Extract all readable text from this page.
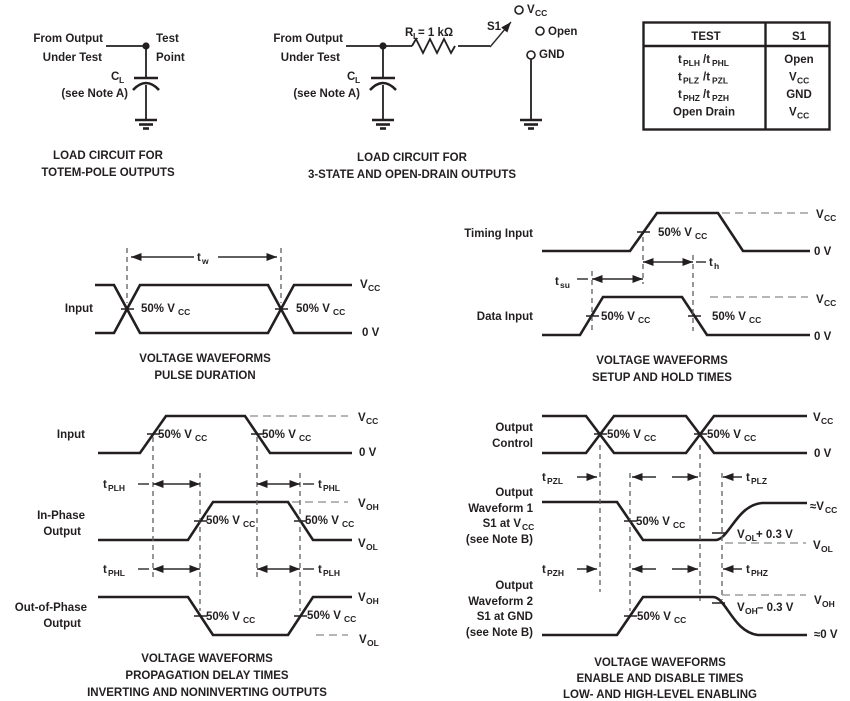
From Output
Under Test
Test
Point
C L
(see Note A)
LOAD CIRCUIT FOR
TOTEM-POLE OUTPUTS
From Output
Under Test
R L = 1 kΩ	S1
V CC
Open
GND
C L
(see Note A)
LOAD CIRCUIT FOR
3-STATE AND OPEN-DRAIN OUTPUTS
TEST	S1
t PLH /t PHL	Open
t PLZ /t PZL	V CC
t PHZ /t PZH	GND
Open Drain	V CC
Input
t w
50% V CC	50% V CC
V CC
0 V
VOLTAGE WAVEFORMS
PULSE DURATION
Timing Input
Data Input
t h
t su
50% V CC
50% V CC	50% V CC
V CC
0 V
V CC
0 V
VOLTAGE WAVEFORMS
SETUP AND HOLD TIMES
Input
In-Phase
Output
Out-of-Phase
Output
t PLH	t PHL
t PHL	t PLH
50% V CC	50% V CC
50% V CC	50% V CC
50% V CC	50% V CC
V CC
0 V
V OH
V OL
V OH
V OL
VOLTAGE WAVEFORMS
PROPAGATION DELAY TIMES
INVERTING AND NONINVERTING OUTPUTS
Output
Control
t PZL	t PLZ
t PZH	t PHZ
50% V CC	50% V CC
50% V CC
50% V CC
V CC
0 V
≈V CC
V OL + 0.3 V
V OL
V OH – 0.3 V
V OH
≈0 V
Output
Waveform 1
S1 at V CC
(see Note B)
Output
Waveform 2
S1 at GND
(see Note B)
VOLTAGE WAVEFORMS
ENABLE AND DISABLE TIMES
LOW- AND HIGH-LEVEL ENABLING
